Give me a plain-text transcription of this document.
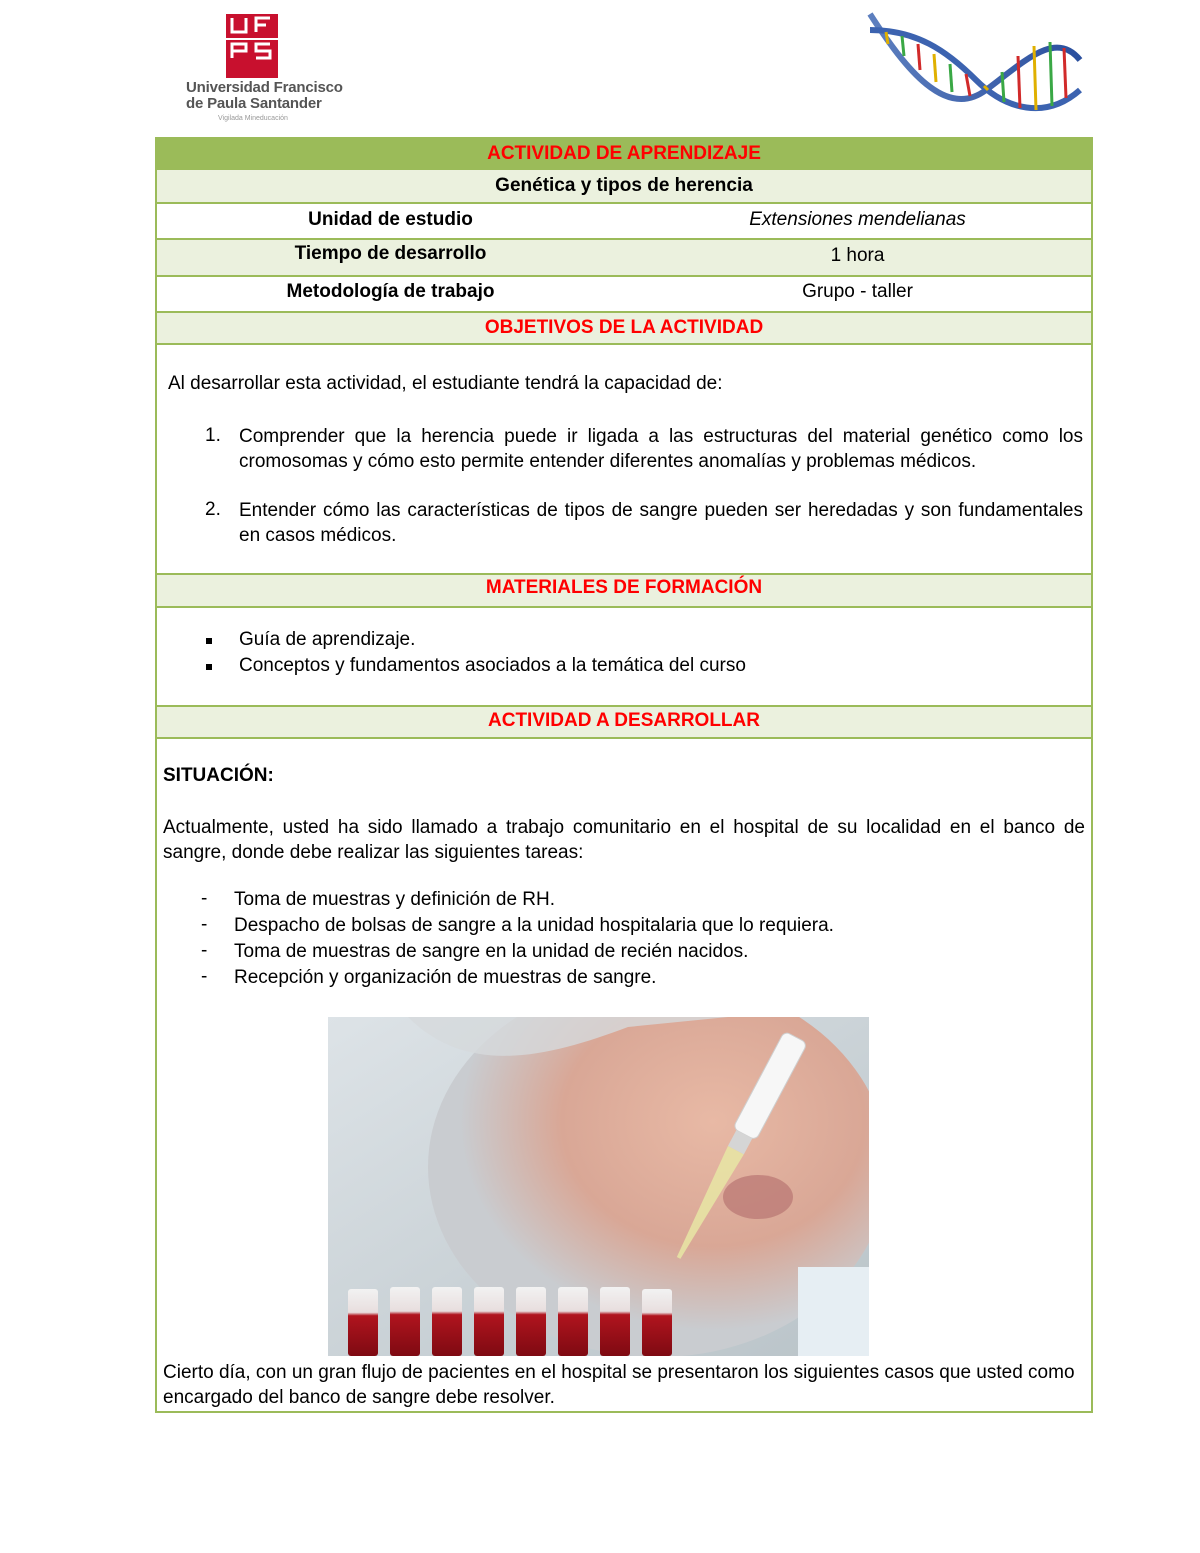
Universidad Francisco
de Paula Santander
Vigilada Mineducación
ACTIVIDAD DE APRENDIZAJE
Genética y tipos de herencia
Unidad de estudio	Extensiones mendelianas
Tiempo de desarrollo	1 hora
Metodología de trabajo	Grupo - taller
OBJETIVOS DE LA ACTIVIDAD
Al desarrollar esta actividad, el estudiante tendrá la capacidad de:
1. Comprender que la herencia puede ir ligada a las estructuras del material genético como los cromosomas y cómo esto permite entender diferentes anomalías y problemas médicos.
2. Entender cómo las características de tipos de sangre pueden ser heredadas y son fundamentales en casos médicos.
MATERIALES DE FORMACIÓN
Guía de aprendizaje.
Conceptos y fundamentos asociados a la temática del curso
ACTIVIDAD A DESARROLLAR
SITUACIÓN:
Actualmente, usted ha sido llamado a trabajo comunitario en el hospital de su localidad en el banco de sangre, donde debe realizar las siguientes tareas:
- Toma de muestras y definición de RH.
- Despacho de bolsas de sangre a la unidad hospitalaria que lo requiera.
- Toma de muestras de sangre en la unidad de recién nacidos.
- Recepción y organización de muestras de sangre.
Cierto día, con un gran flujo de pacientes en el hospital se presentaron los siguientes casos que usted como encargado del banco de sangre debe resolver.
